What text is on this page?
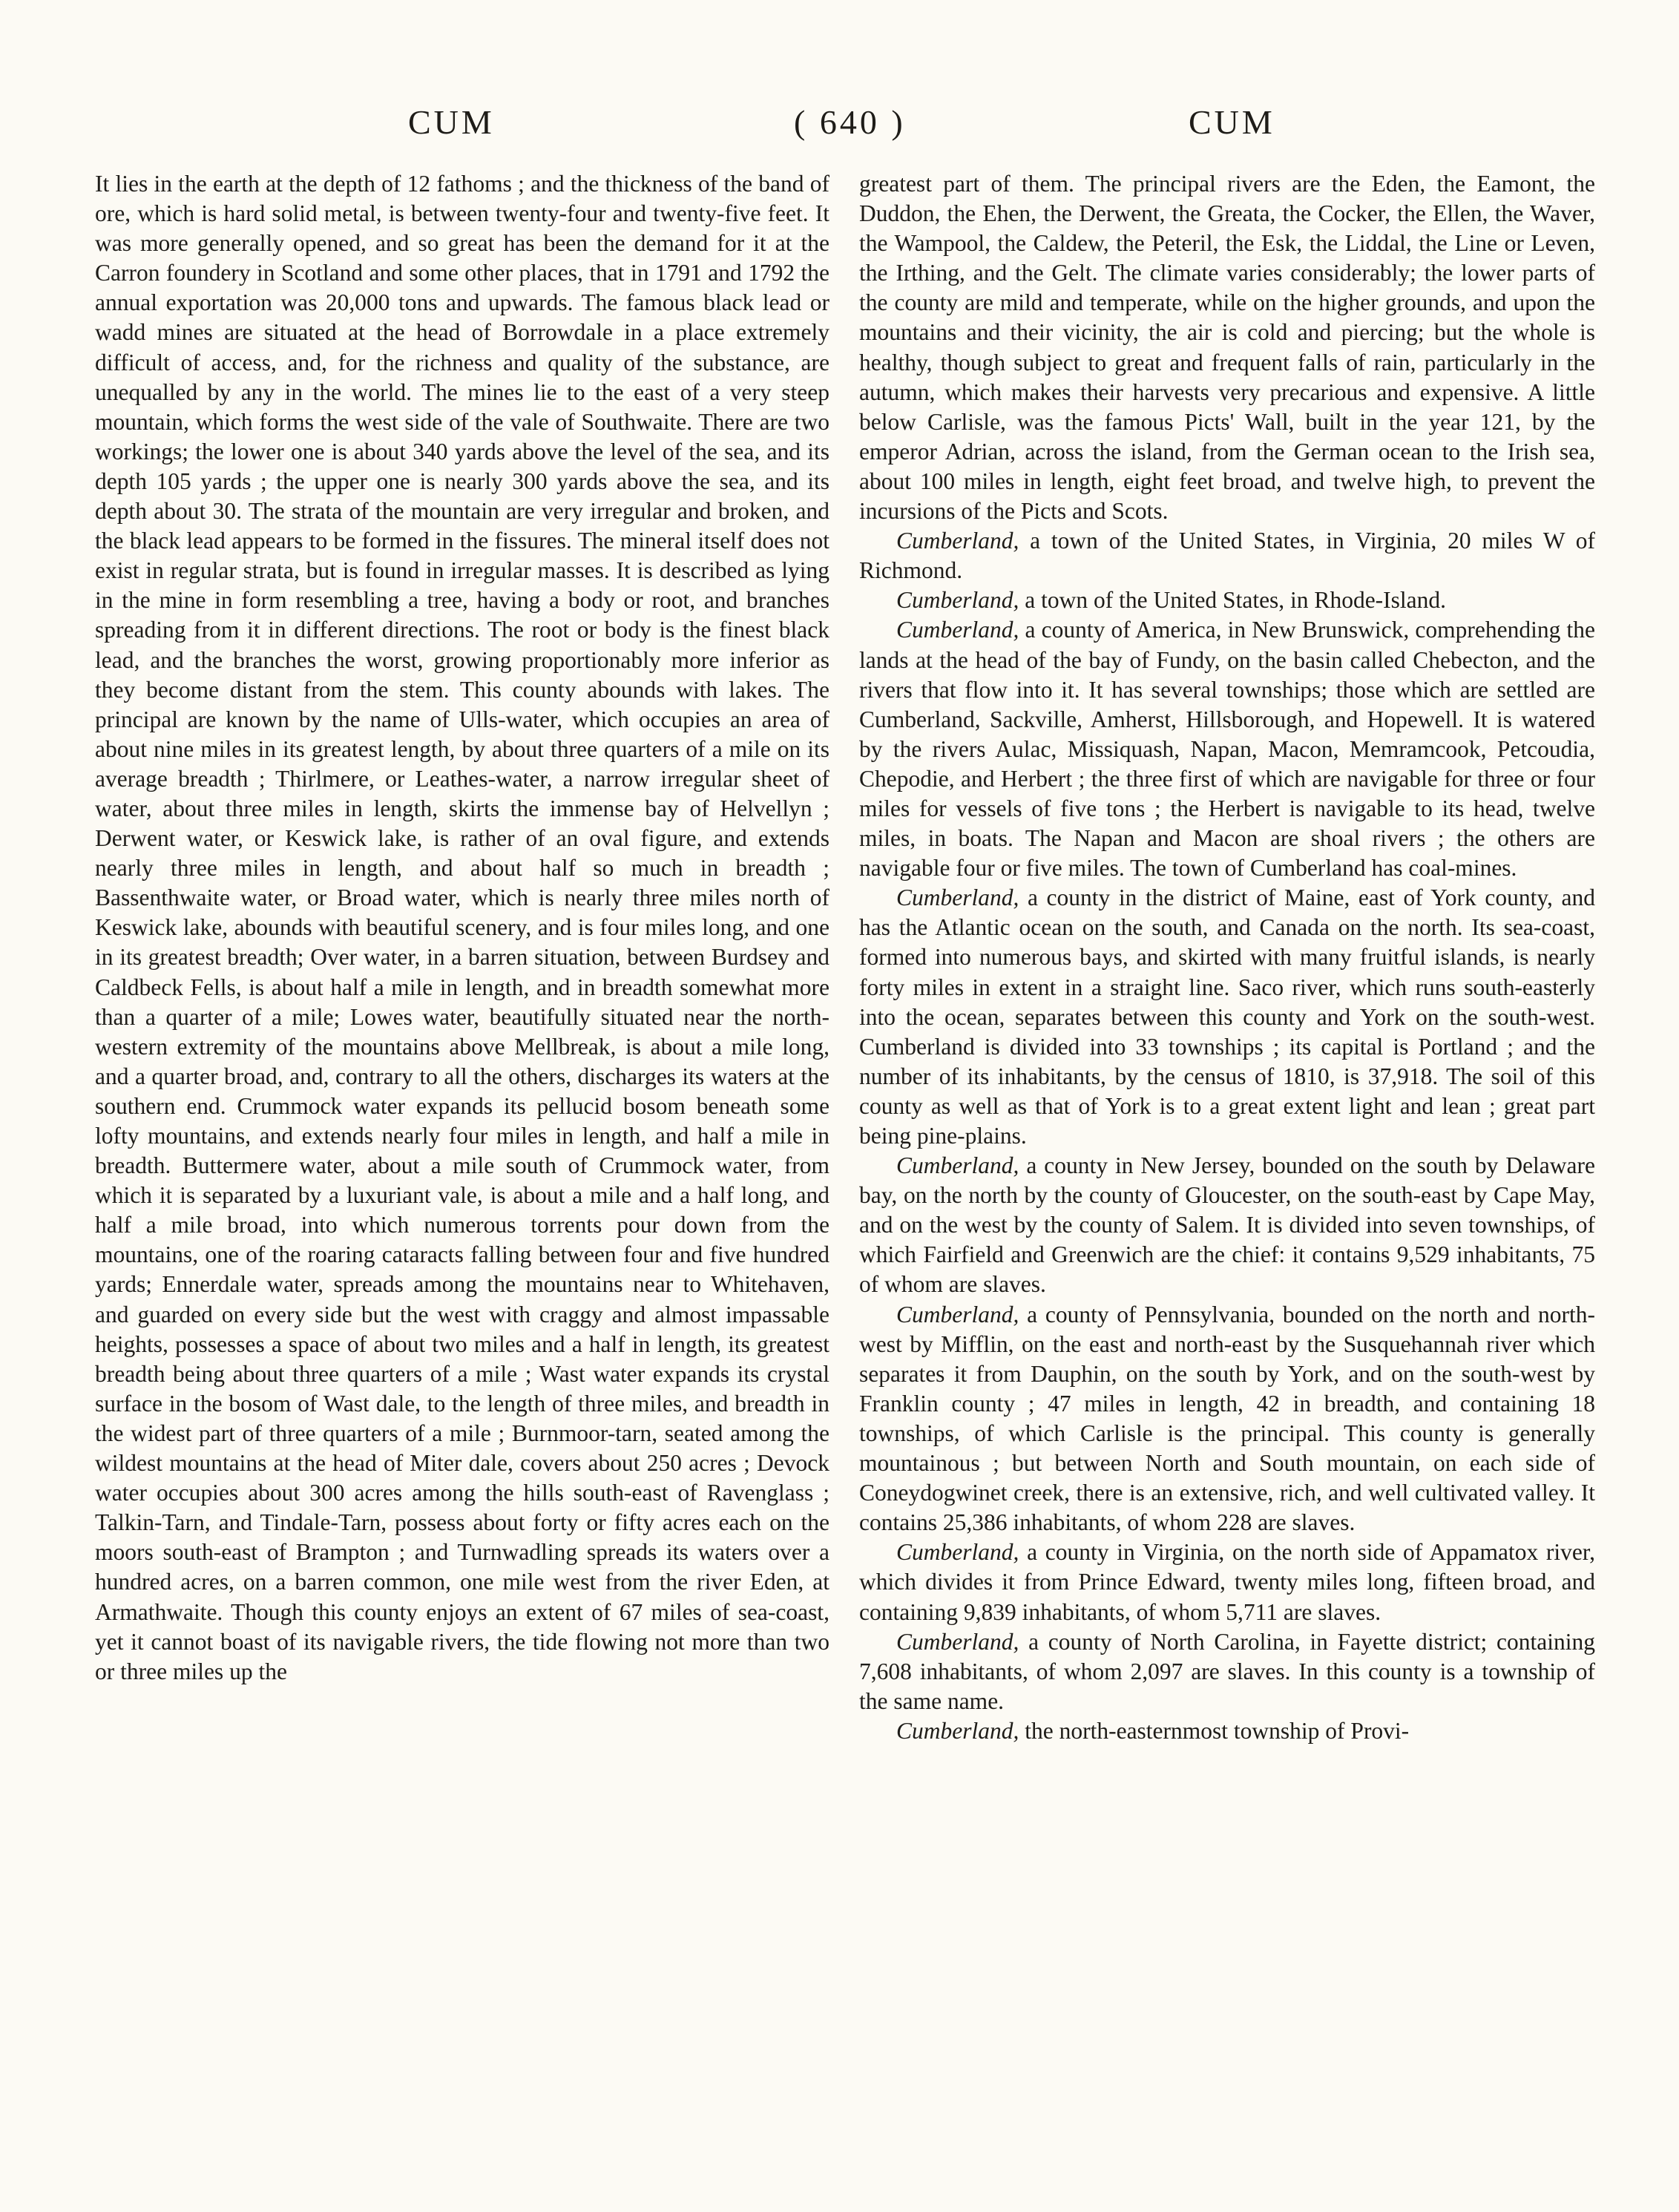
CUM	( 640 )	CUM

It lies in the earth at the depth of 12 fathoms ; and the thickness of the band of ore, which is hard solid metal, is between twenty-four and twenty-five feet. It was more generally opened, and so great has been the demand for it at the Carron foundery in Scotland and some other places, that in 1791 and 1792 the annual exportation was 20,000 tons and upwards. The famous black lead or wadd mines are situated at the head of Borrowdale in a place extremely difficult of access, and, for the richness and quality of the substance, are unequalled by any in the world. The mines lie to the east of a very steep mountain, which forms the west side of the vale of Southwaite. There are two workings; the lower one is about 340 yards above the level of the sea, and its depth 105 yards ; the upper one is nearly 300 yards above the sea, and its depth about 30. The strata of the mountain are very irregular and broken, and the black lead appears to be formed in the fissures. The mineral itself does not exist in regular strata, but is found in irregular masses. It is described as lying in the mine in form resembling a tree, having a body or root, and branches spreading from it in different directions. The root or body is the finest black lead, and the branches the worst, growing proportionably more inferior as they become distant from the stem. This county abounds with lakes. The principal are known by the name of Ulls-water, which occupies an area of about nine miles in its greatest length, by about three quarters of a mile on its average breadth ; Thirlmere, or Leathes-water, a narrow irregular sheet of water, about three miles in length, skirts the immense bay of Helvellyn ; Derwent water, or Keswick lake, is rather of an oval figure, and extends nearly three miles in length, and about half so much in breadth ; Bassenthwaite water, or Broad water, which is nearly three miles north of Keswick lake, abounds with beautiful scenery, and is four miles long, and one in its greatest breadth; Over water, in a barren situation, between Burdsey and Caldbeck Fells, is about half a mile in length, and in breadth somewhat more than a quarter of a mile; Lowes water, beautifully situated near the north-western extremity of the mountains above Mellbreak, is about a mile long, and a quarter broad, and, contrary to all the others, discharges its waters at the southern end. Crummock water expands its pellucid bosom beneath some lofty mountains, and extends nearly four miles in length, and half a mile in breadth. Buttermere water, about a mile south of Crummock water, from which it is separated by a luxuriant vale, is about a mile and a half long, and half a mile broad, into which numerous torrents pour down from the mountains, one of the roaring cataracts falling between four and five hundred yards; Ennerdale water, spreads among the mountains near to Whitehaven, and guarded on every side but the west with craggy and almost impassable heights, possesses a space of about two miles and a half in length, its greatest breadth being about three quarters of a mile ; Wast water expands its crystal surface in the bosom of Wast dale, to the length of three miles, and breadth in the widest part of three quarters of a mile ; Burnmoor-tarn, seated among the wildest mountains at the head of Miter dale, covers about 250 acres ; Devock water occupies about 300 acres among the hills south-east of Ravenglass ; Talkin-Tarn, and Tindale-Tarn, possess about forty or fifty acres each on the moors south-east of Brampton ; and Turnwadling spreads its waters over a hundred acres, on a barren common, one mile west from the river Eden, at Armathwaite. Though this county enjoys an extent of 67 miles of sea-coast, yet it cannot boast of its navigable rivers, the tide flowing not more than two or three miles up the

greatest part of them. The principal rivers are the Eden, the Eamont, the Duddon, the Ehen, the Derwent, the Greata, the Cocker, the Ellen, the Waver, the Wampool, the Caldew, the Peteril, the Esk, the Liddal, the Line or Leven, the Irthing, and the Gelt. The climate varies considerably; the lower parts of the county are mild and temperate, while on the higher grounds, and upon the mountains and their vicinity, the air is cold and piercing; but the whole is healthy, though subject to great and frequent falls of rain, particularly in the autumn, which makes their harvests very precarious and expensive. A little below Carlisle, was the famous Picts' Wall, built in the year 121, by the emperor Adrian, across the island, from the German ocean to the Irish sea, about 100 miles in length, eight feet broad, and twelve high, to prevent the incursions of the Picts and Scots.

Cumberland, a town of the United States, in Virginia, 20 miles W of Richmond.

Cumberland, a town of the United States, in Rhode-Island.

Cumberland, a county of America, in New Brunswick, comprehending the lands at the head of the bay of Fundy, on the basin called Chebecton, and the rivers that flow into it. It has several townships; those which are settled are Cumberland, Sackville, Amherst, Hillsborough, and Hopewell. It is watered by the rivers Aulac, Missiquash, Napan, Macon, Memramcook, Petcoudia, Chepodie, and Herbert ; the three first of which are navigable for three or four miles for vessels of five tons ; the Herbert is navigable to its head, twelve miles, in boats. The Napan and Macon are shoal rivers ; the others are navigable four or five miles. The town of Cumberland has coal-mines.

Cumberland, a county in the district of Maine, east of York county, and has the Atlantic ocean on the south, and Canada on the north. Its sea-coast, formed into numerous bays, and skirted with many fruitful islands, is nearly forty miles in extent in a straight line. Saco river, which runs south-easterly into the ocean, separates between this county and York on the south-west. Cumberland is divided into 33 townships ; its capital is Portland ; and the number of its inhabitants, by the census of 1810, is 37,918. The soil of this county as well as that of York is to a great extent light and lean ; great part being pine-plains.

Cumberland, a county in New Jersey, bounded on the south by Delaware bay, on the north by the county of Gloucester, on the south-east by Cape May, and on the west by the county of Salem. It is divided into seven townships, of which Fairfield and Greenwich are the chief: it contains 9,529 inhabitants, 75 of whom are slaves.

Cumberland, a county of Pennsylvania, bounded on the north and north-west by Mifflin, on the east and north-east by the Susquehannah river which separates it from Dauphin, on the south by York, and on the south-west by Franklin county ; 47 miles in length, 42 in breadth, and containing 18 townships, of which Carlisle is the principal. This county is generally mountainous ; but between North and South mountain, on each side of Coneydogwinet creek, there is an extensive, rich, and well cultivated valley. It contains 25,386 inhabitants, of whom 228 are slaves.

Cumberland, a county in Virginia, on the north side of Appamatox river, which divides it from Prince Edward, twenty miles long, fifteen broad, and containing 9,839 inhabitants, of whom 5,711 are slaves.

Cumberland, a county of North Carolina, in Fayette district; containing 7,608 inhabitants, of whom 2,097 are slaves. In this county is a township of the same name.

Cumberland, the north-easternmost township of Provi-
